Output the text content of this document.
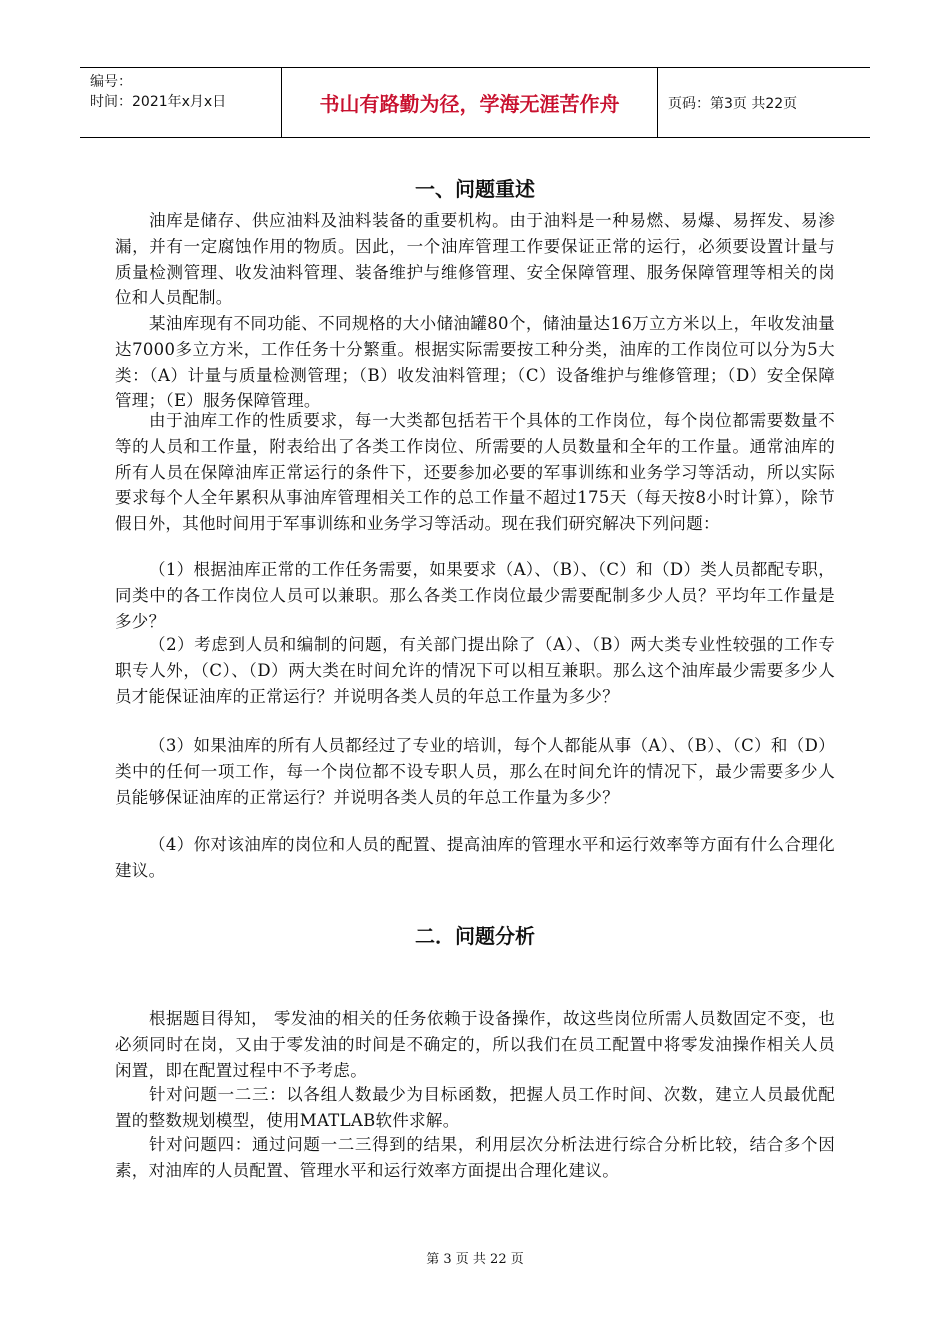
编号：
时间：2021年x月x日	书山有路勤为径，学海无涯苦作舟	页码：第3页 共22页
一、问题重述

油库是储存、供应油料及油料装备的重要机构。由于油料是一种易燃、易爆、易挥发、易渗漏，并有一定腐蚀作用的物质。因此，一个油库管理工作要保证正常的运行，必须要设置计量与质量检测管理、收发油料管理、装备维护与维修管理、安全保障管理、服务保障管理等相关的岗位和人员配制。

某油库现有不同功能、不同规格的大小储油罐80个，储油量达16万立方米以上，年收发油量达7000多立方米，工作任务十分繁重。根据实际需要按工种分类，油库的工作岗位可以分为5大类：（A）计量与质量检测管理；（B）收发油料管理；（C）设备维护与维修管理；（D）安全保障管理；（E）服务保障管理。

由于油库工作的性质要求，每一大类都包括若干个具体的工作岗位，每个岗位都需要数量不等的人员和工作量，附表给出了各类工作岗位、所需要的人员数量和全年的工作量。通常油库的所有人员在保障油库正常运行的条件下，还要参加必要的军事训练和业务学习等活动，所以实际要求每个人全年累积从事油库管理相关工作的总工作量不超过175天（每天按8小时计算），除节假日外，其他时间用于军事训练和业务学习等活动。现在我们研究解决下列问题：

（1）根据油库正常的工作任务需要，如果要求（A）、（B）、（C）和（D）类人员都配专职，同类中的各工作岗位人员可以兼职。那么各类工作岗位最少需要配制多少人员？平均年工作量是多少？

（2）考虑到人员和编制的问题，有关部门提出除了（A）、（B）两大类专业性较强的工作专职专人外，（C）、（D）两大类在时间允许的情况下可以相互兼职。那么这个油库最少需要多少人员才能保证油库的正常运行？并说明各类人员的年总工作量为多少？

（3）如果油库的所有人员都经过了专业的培训，每个人都能从事（A）、（B）、（C）和（D）类中的任何一项工作，每一个岗位都不设专职人员，那么在时间允许的情况下，最少需要多少人员能够保证油库的正常运行？并说明各类人员的年总工作量为多少？

（4）你对该油库的岗位和人员的配置、提高油库的管理水平和运行效率等方面有什么合理化建议。

二．问题分析

根据题目得知， 零发油的相关的任务依赖于设备操作，故这些岗位所需人员数固定不变，也必须同时在岗，又由于零发油的时间是不确定的，所以我们在员工配置中将零发油操作相关人员闲置，即在配置过程中不予考虑。

针对问题一二三：以各组人数最少为目标函数，把握人员工作时间、次数，建立人员最优配置的整数规划模型，使用MATLAB软件求解。

针对问题四：通过问题一二三得到的结果，利用层次分析法进行综合分析比较，结合多个因素，对油库的人员配置、管理水平和运行效率方面提出合理化建议。

第 3 页 共 22 页
